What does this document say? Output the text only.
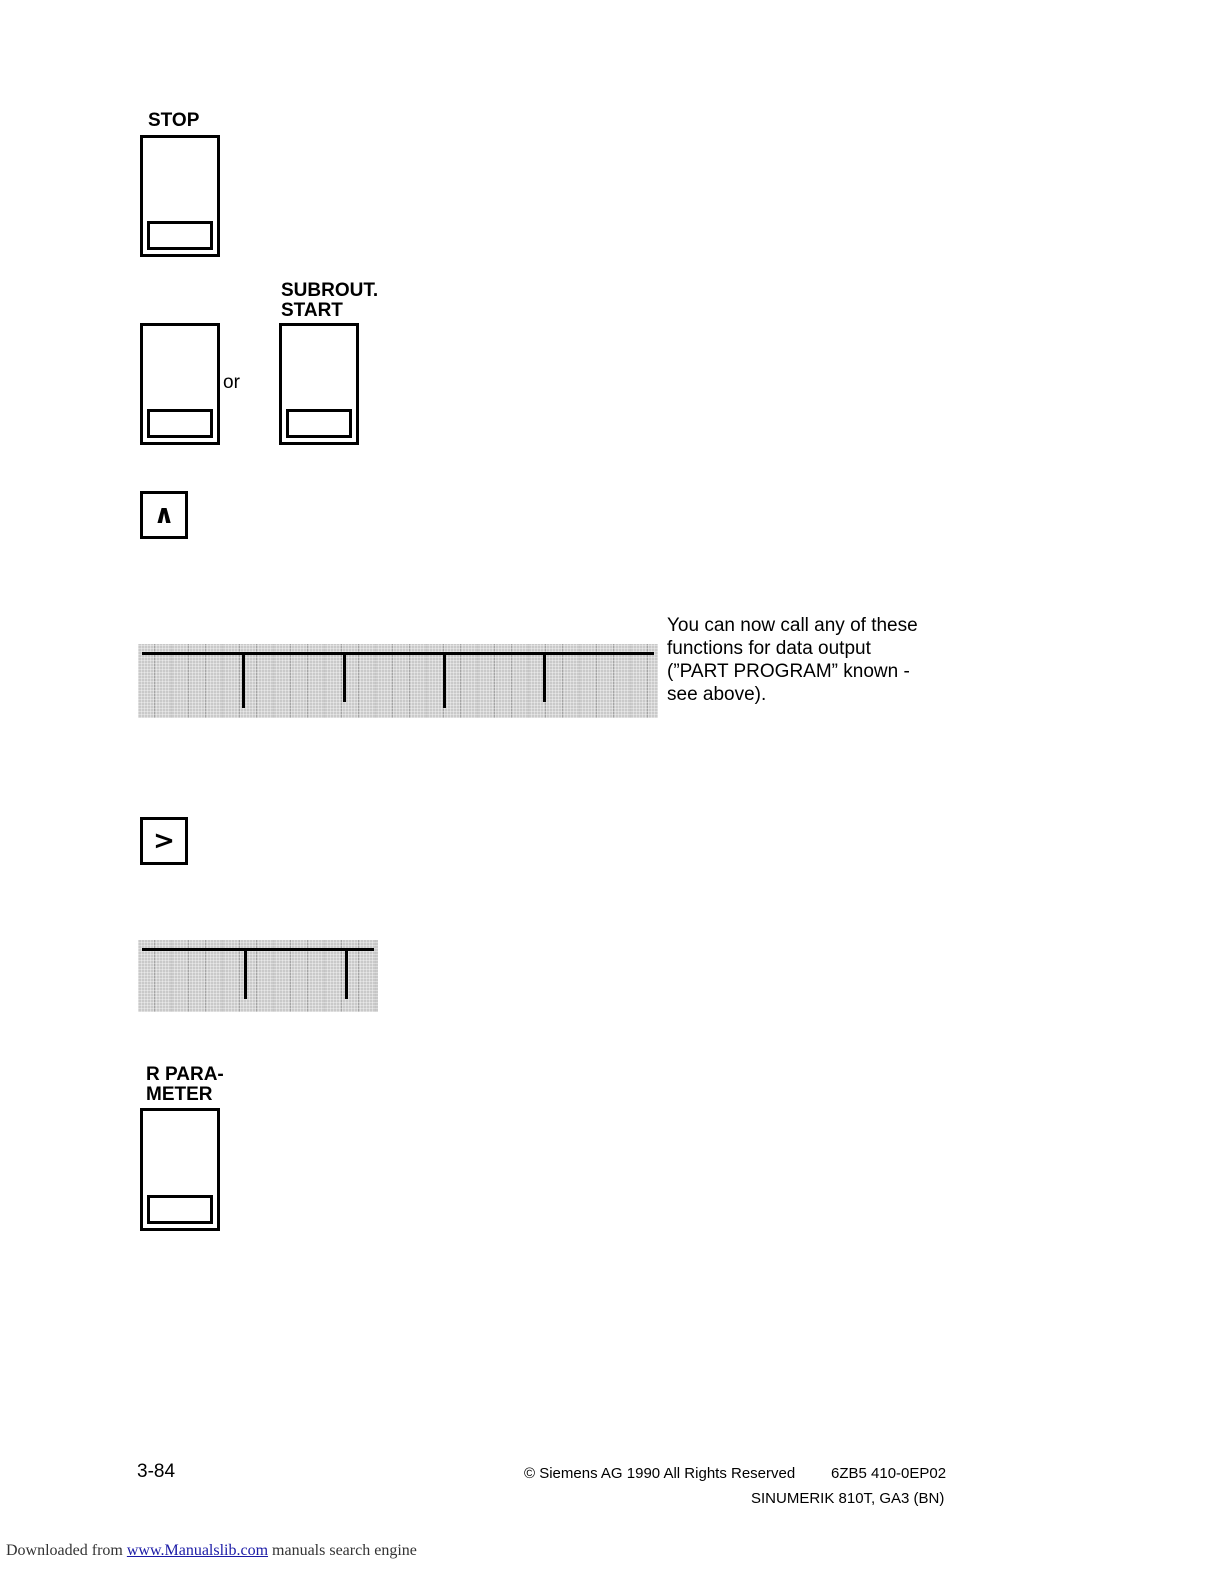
STOP
or
SUBROUT.
START
∧
You can now call any of these functions for data output (”PART PROGRAM” known - see above).
>
R PARA-
METER
3-84	© Siemens AG 1990 All Rights Reserved 6ZB5 410-0EP02
SINUMERIK 810T, GA3 (BN)
Downloaded from www.Manualslib.com manuals search engine
